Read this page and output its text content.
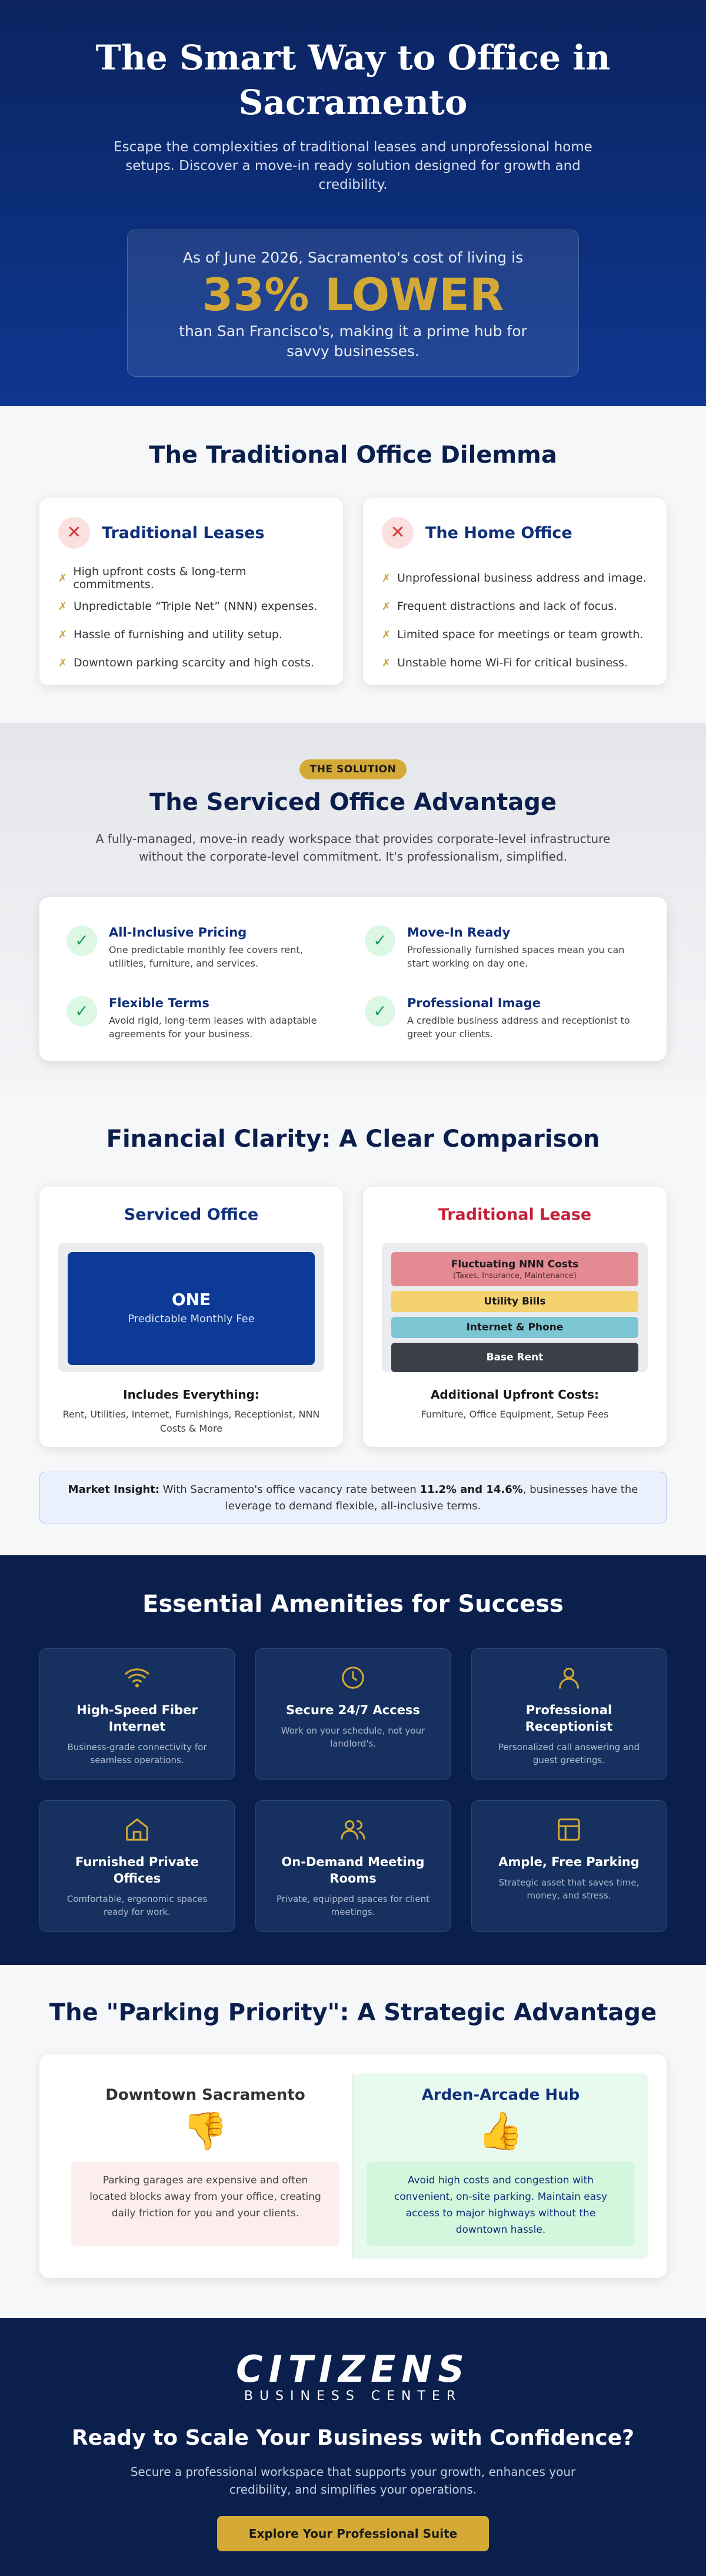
The Smart Way to Office in Sacramento

Escape the complexities of traditional leases and unprofessional home setups. Discover a move-in ready solution designed for growth and credibility.

As of June 2026, Sacramento's cost of living is
33% LOWER
than San Francisco's, making it a prime hub for savvy businesses.
The Traditional Office Dilemma
✕	Traditional Leases
✗ High upfront costs & long-term commitments.
✗ Unpredictable “Triple Net” (NNN) expenses.
✗ Hassle of furnishing and utility setup.
✗ Downtown parking scarcity and high costs.
✕	The Home Office
✗ Unprofessional business address and image.
✗ Frequent distractions and lack of focus.
✗ Limited space for meetings or team growth.
✗ Unstable home Wi-Fi for critical business.
THE SOLUTION
The Serviced Office Advantage

A fully-managed, move-in ready workspace that provides corporate-level infrastructure without the corporate-level commitment. It's professionalism, simplified.

✓	All-Inclusive Pricing

One predictable monthly fee covers rent, utilities, furniture, and services.

✓	Move-In Ready

Professionally furnished spaces mean you can start working on day one.

✓	Flexible Terms

Avoid rigid, long-term leases with adaptable agreements for your business.

✓	Professional Image

A credible business address and receptionist to greet your clients.

Financial Clarity: A Clear Comparison
Serviced Office
ONE
Predictable Monthly Fee
Includes Everything:
Rent, Utilities, Internet, Furnishings, Receptionist, NNN Costs & More
Traditional Lease
Fluctuating NNN Costs
(Taxes, Insurance, Maintenance)
Utility Bills
Internet & Phone
Base Rent
Additional Upfront Costs:
Furniture, Office Equipment, Setup Fees
Market Insight: With Sacramento's office vacancy rate between 11.2% and 14.6%, businesses have the leverage to demand flexible, all-inclusive terms.
Essential Amenities for Success
High-Speed Fiber Internet

Business-grade connectivity for seamless operations.

Secure 24/7 Access

Work on your schedule, not your landlord's.

Professional Receptionist

Personalized call answering and guest greetings.

Furnished Private Offices

Comfortable, ergonomic spaces ready for work.

On-Demand Meeting Rooms

Private, equipped spaces for client meetings.

Ample, Free Parking

Strategic asset that saves time, money, and stress.

The "Parking Priority": A Strategic Advantage
Downtown Sacramento
👎
Parking garages are expensive and often located blocks away from your office, creating daily friction for you and your clients.
Arden-Arcade Hub
👍
Avoid high costs and congestion with convenient, on-site parking. Maintain easy access to major highways without the downtown hassle.
CITIZENS
BUSINESS CENTER
Ready to Scale Your Business with Confidence?

Secure a professional workspace that supports your growth, enhances your credibility, and simplifies your operations.

Explore Your Professional Suite
